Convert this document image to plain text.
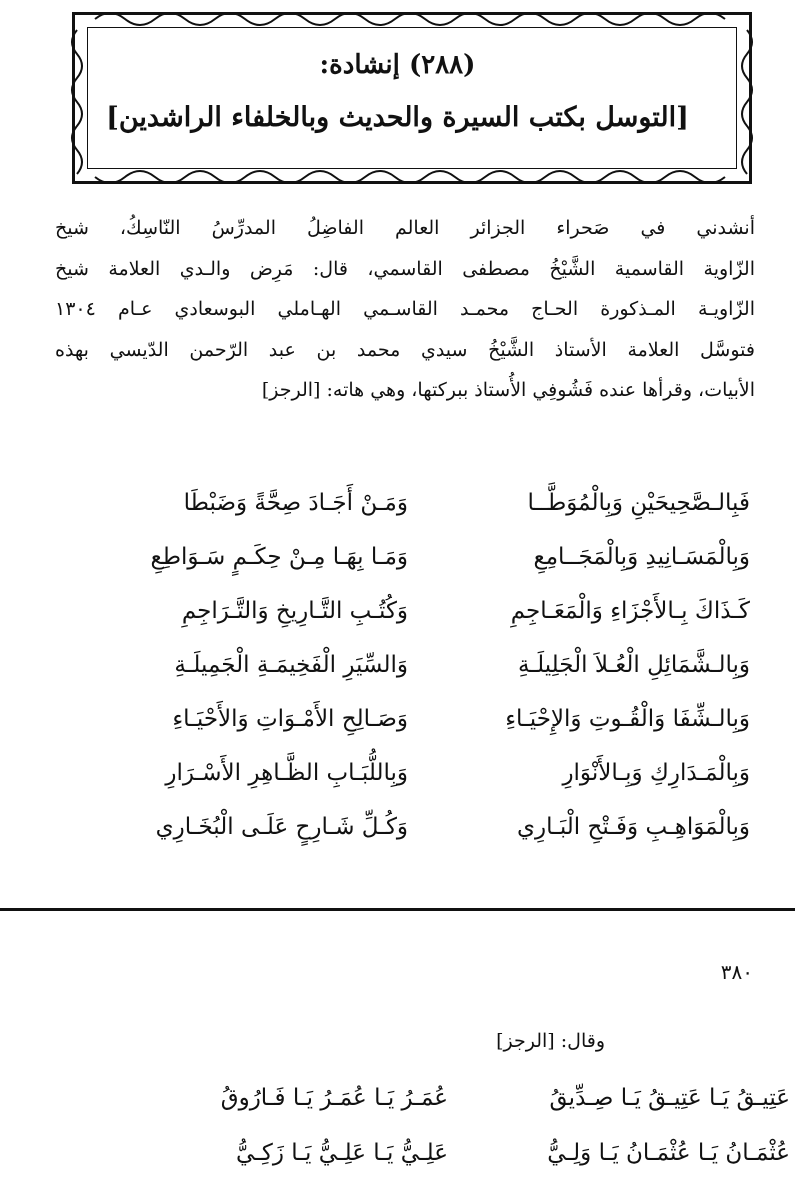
(٢٨٨) إنشادة:
[التوسل بكتب السيرة والحديث وبالخلفاء الراشدين]
أنشدني في صَحراء الجزائر العالم الفاضِلُ المدرِّسُ النّاسِكُ، شيخ
الزّاوية القاسمية الشَّيْخُ مصطفى القاسمي، قال: مَرِض والـدي العلامة شيخ
الزّاويـة المـذكورة الحـاج محمـد القاسـمي الهـاملي البوسعادي عـام ١٣٠٤
فتوسَّل العلامة الأستاذ الشَّيْخُ سيدي محمد بن عبد الرّحمن الدّيسي بهذه
الأبيات، وقرأها عنده فَشُوفِي الأُستاذ ببركتها، وهي هاته: [الرجز]
فَبِالـصَّحِيحَيْنِ وَبِالْمُوَطَّــا
وَمَـنْ أَجَـادَ صِحَّةً وَضَبْطَا
وَبِالْمَسَـانِيدِ وَبِالْمَجَــامِعِ
وَمَـا بِهَـا مِـنْ حِكَـمٍ سَـوَاطِعِ
كَـذَاكَ بِـالأَجْزَاءِ وَالْمَعَـاجِمِ
وَكُتُـبِ التَّـارِيخِ وَالتَّـرَاجِمِ
وَبِالـشَّمَائِلِ الْعُـلاَ الْجَلِيلَـةِ
وَالسِّيَرِ الْفَخِيمَـةِ الْجَمِيلَـةِ
وَبِالـشِّفَا وَالْقُـوتِ وَالإِحْيَـاءِ
وَصَـالِحِ الأَمْـوَاتِ وَالأَحْيَـاءِ
وَبِالْمَـدَارِكِ وَبِـالأَنْوَارِ
وَبِاللُّبَـابِ الظَّـاهِرِ الأَسْـرَارِ
وَبِالْمَوَاهِـبِ وَفَـتْحِ الْبَـارِي
وَكُـلِّ شَـارِحٍ عَلَـى الْبُخَـارِي
٣٨٠
وقال: [الرجز]
عَتِيـقُ يَـا عَتِيـقُ يَـا صِـدِّيقُ
عُمَـرُ يَـا عُمَـرُ يَـا فَـارُوقُ
عُثْمَـانُ يَـا عُثْمَـانُ يَـا وَلِـيُّ
عَلِـيُّ يَـا عَلِـيُّ يَـا زَكِـيُّ
